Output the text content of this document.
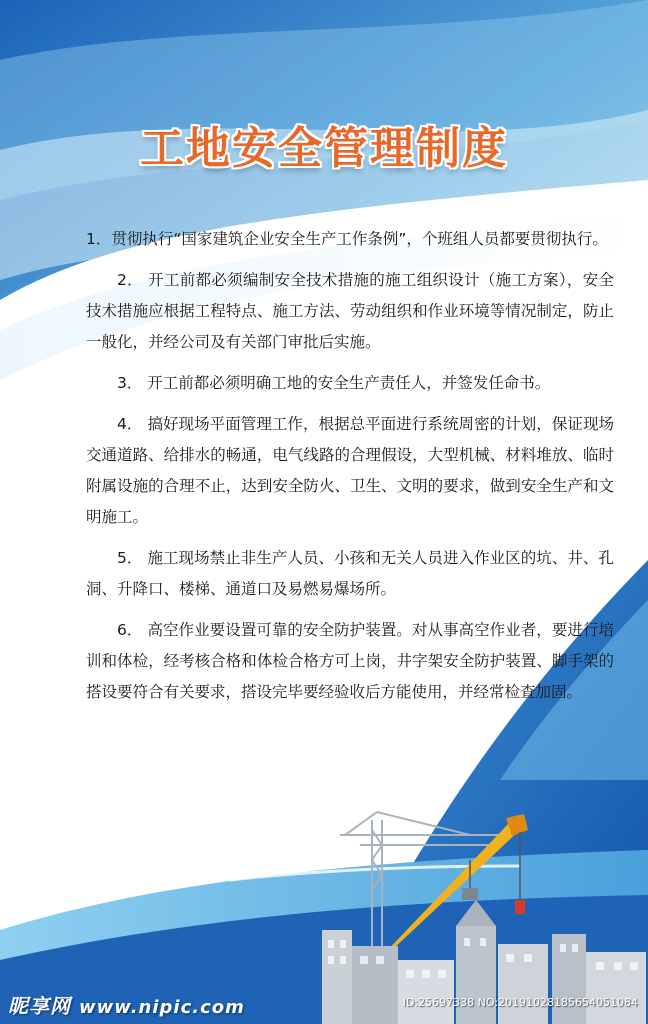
工地安全管理制度

1．贯彻执行“国家建筑企业安全生产工作条例”，个班组人员都要贯彻执行。

2． 开工前都必须编制安全技术措施的施工组织设计（施工方案），安全技术措施应根据工程特点、施工方法、劳动组织和作业环境等情况制定，防止一般化，并经公司及有关部门审批后实施。

3． 开工前都必须明确工地的安全生产责任人，并签发任命书。

4． 搞好现场平面管理工作，根据总平面进行系统周密的计划，保证现场交通道路、给排水的畅通，电气线路的合理假设，大型机械、材料堆放、临时附属设施的合理不止，达到安全防火、卫生、文明的要求，做到安全生产和文明施工。

5． 施工现场禁止非生产人员、小孩和无关人员进入作业区的坑、井、孔洞、升降口、楼梯、通道口及易燃易爆场所。

6． 高空作业要设置可靠的安全防护装置。对从事高空作业者，要进行培训和体检，经考核合格和体检合格方可上岗，井字架安全防护装置、脚手架的搭设要符合有关要求，搭设完毕要经验收后方能使用，并经常检查加固。

昵享网 www.nipic.com	ID:25697338 NO:20191028185654051084
